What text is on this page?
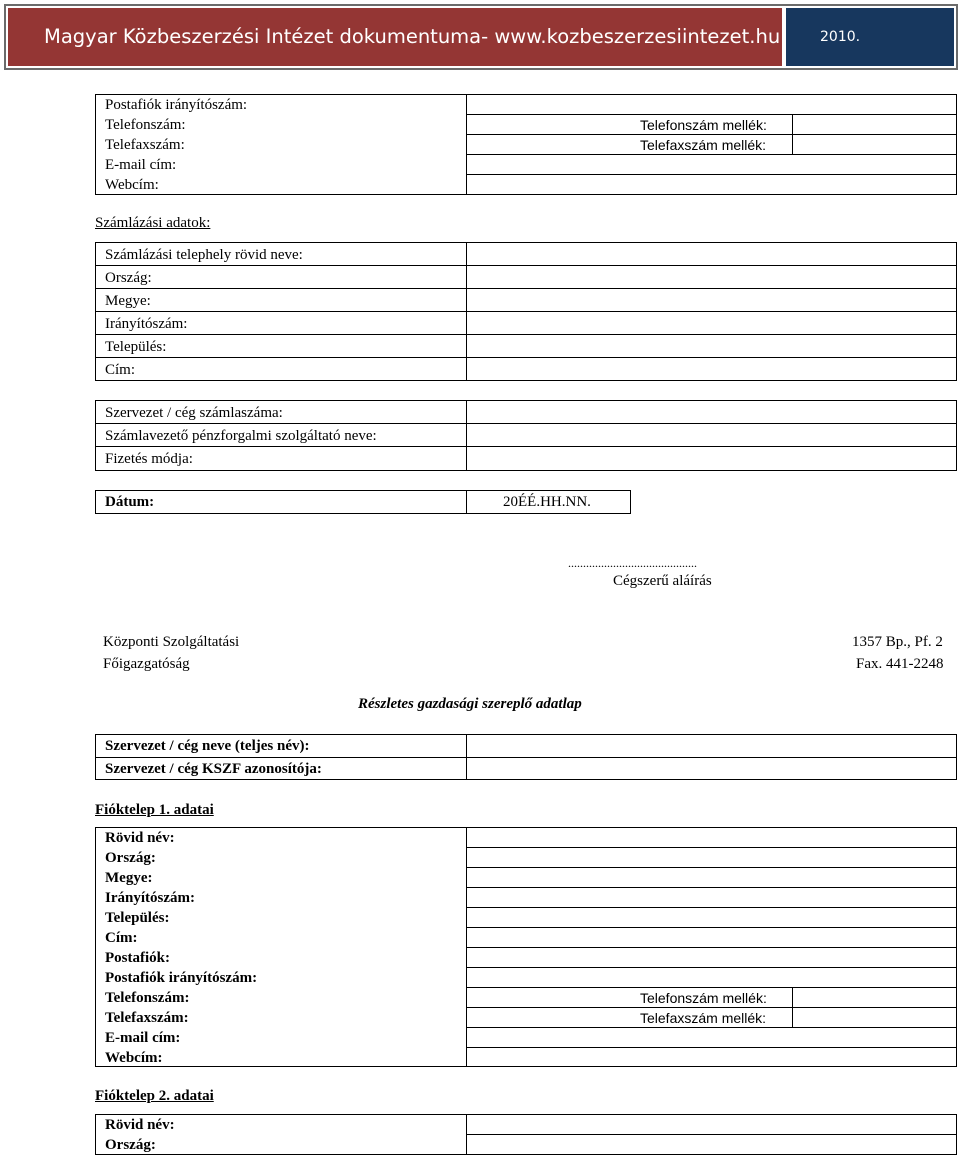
Magyar Közbeszerzési Intézet dokumentuma- www.kozbeszerzesiintezet.hu	2010.
Postafiók irányítószám:
Telefonszám:
Telefaxszám:
E-mail cím:
Webcím:
Telefonszám mellék:
Telefaxszám mellék:
Számlázási adatok:
Számlázási telephely rövid neve:
Ország:
Megye:
Irányítószám:
Település:
Cím:
Szervezet / cég számlaszáma:
Számlavezető pénzforgalmi szolgáltató neve:
Fizetés módja:
Dátum:	20ÉÉ.HH.NN.
...........................................
Cégszerű aláírás
Központi Szolgáltatási
Főigazgatóság
1357 Bp., Pf. 2
Fax. 441-2248
Részletes gazdasági szereplő adatlap
Szervezet / cég neve (teljes név):
Szervezet / cég KSZF azonosítója:
Fióktelep 1. adatai
Rövid név:
Ország:
Megye:
Irányítószám:
Település:
Cím:
Postafiók:
Postafiók irányítószám:
Telefonszám:
Telefaxszám:
E-mail cím:
Webcím:
Telefonszám mellék:
Telefaxszám mellék:
Fióktelep 2. adatai
Rövid név:
Ország:
